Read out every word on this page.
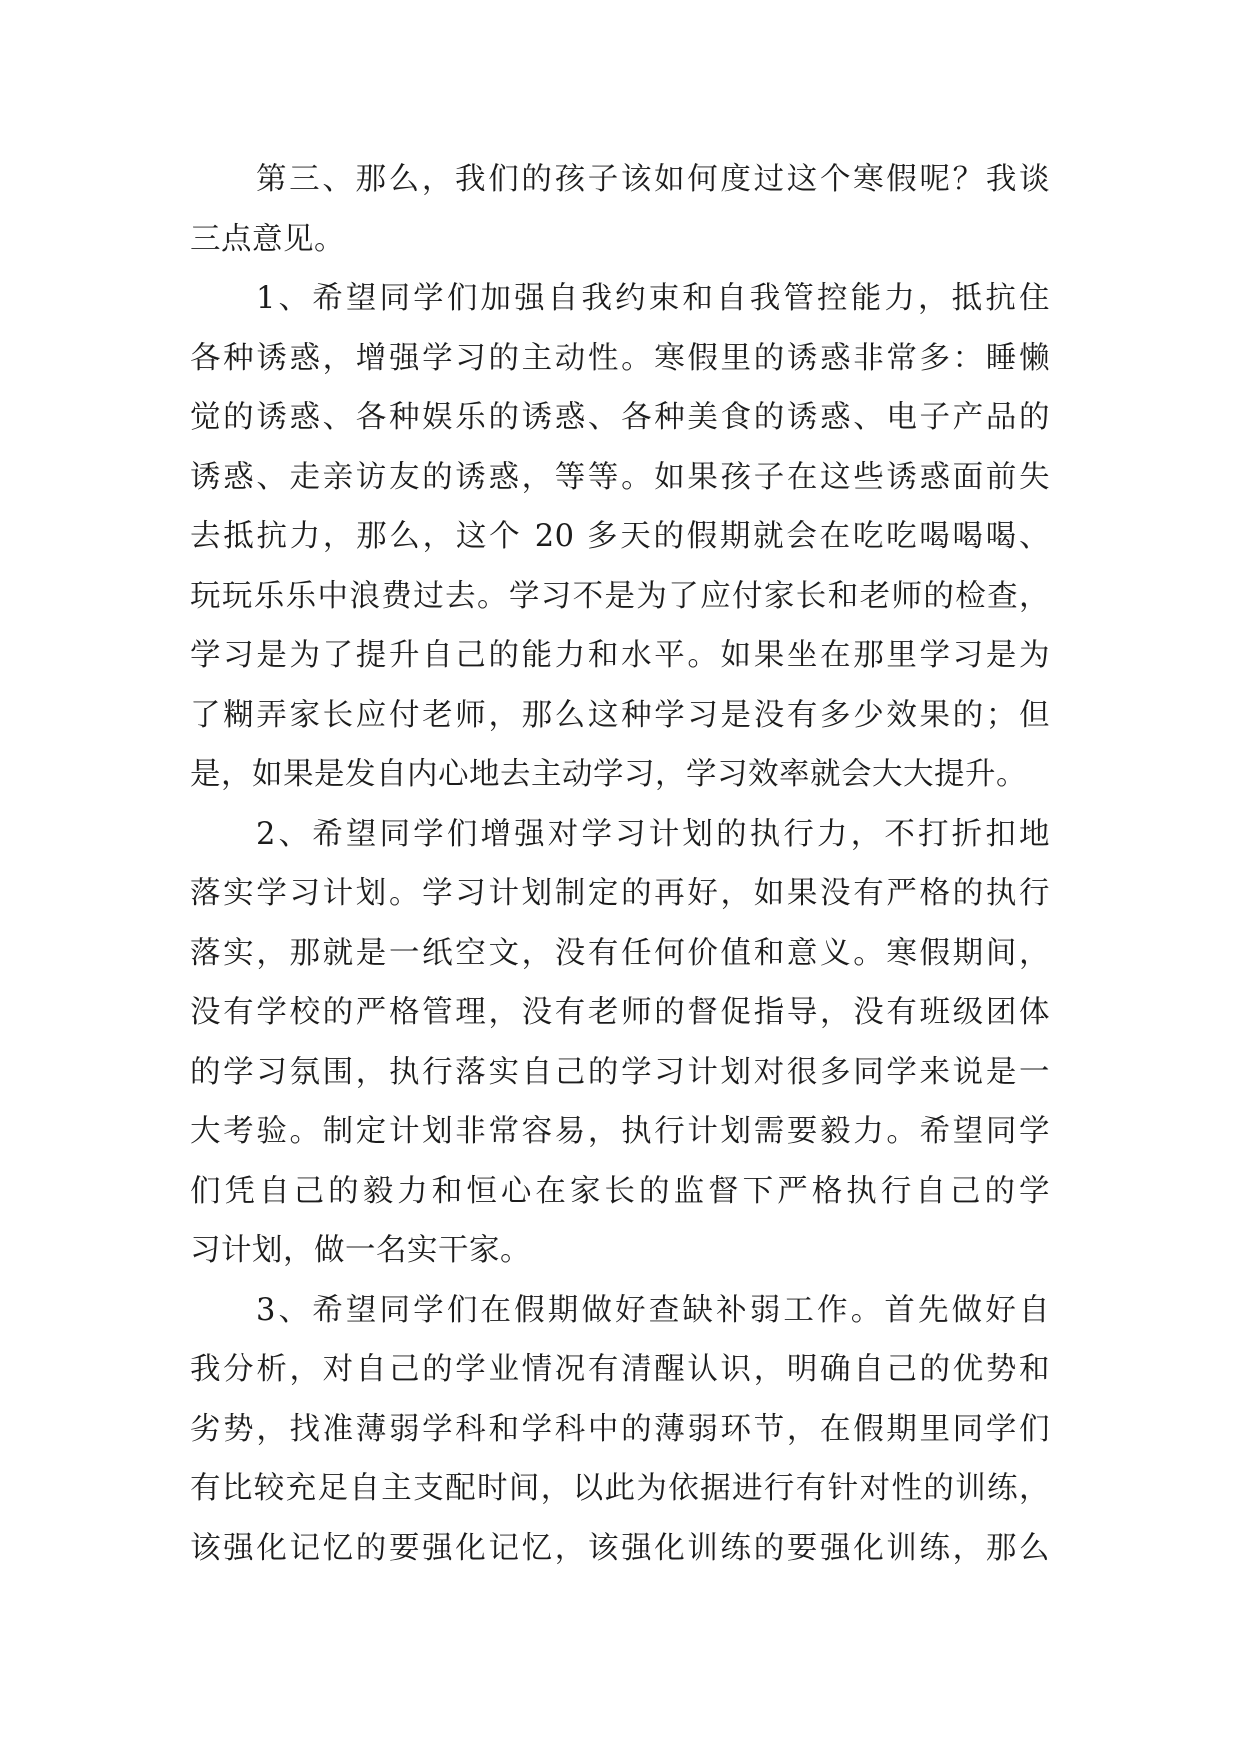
第三、那么，我们的孩子该如何度过这个寒假呢？我谈
三点意见。
1、希望同学们加强自我约束和自我管控能力，抵抗住
各种诱惑，增强学习的主动性。寒假里的诱惑非常多：睡懒
觉的诱惑、各种娱乐的诱惑、各种美食的诱惑、电子产品的
诱惑、走亲访友的诱惑，等等。如果孩子在这些诱惑面前失
去抵抗力，那么，这个 20 多天的假期就会在吃吃喝喝喝、
玩玩乐乐中浪费过去。学习不是为了应付家长和老师的检查，
学习是为了提升自己的能力和水平。如果坐在那里学习是为
了糊弄家长应付老师，那么这种学习是没有多少效果的；但
是，如果是发自内心地去主动学习，学习效率就会大大提升。
2、希望同学们增强对学习计划的执行力，不打折扣地
落实学习计划。学习计划制定的再好，如果没有严格的执行
落实，那就是一纸空文，没有任何价值和意义。寒假期间，
没有学校的严格管理，没有老师的督促指导，没有班级团体
的学习氛围，执行落实自己的学习计划对很多同学来说是一
大考验。制定计划非常容易，执行计划需要毅力。希望同学
们凭自己的毅力和恒心在家长的监督下严格执行自己的学
习计划，做一名实干家。
3、希望同学们在假期做好查缺补弱工作。首先做好自
我分析，对自己的学业情况有清醒认识，明确自己的优势和
劣势，找准薄弱学科和学科中的薄弱环节，在假期里同学们
有比较充足自主支配时间，以此为依据进行有针对性的训练，
该强化记忆的要强化记忆，该强化训练的要强化训练，那么
